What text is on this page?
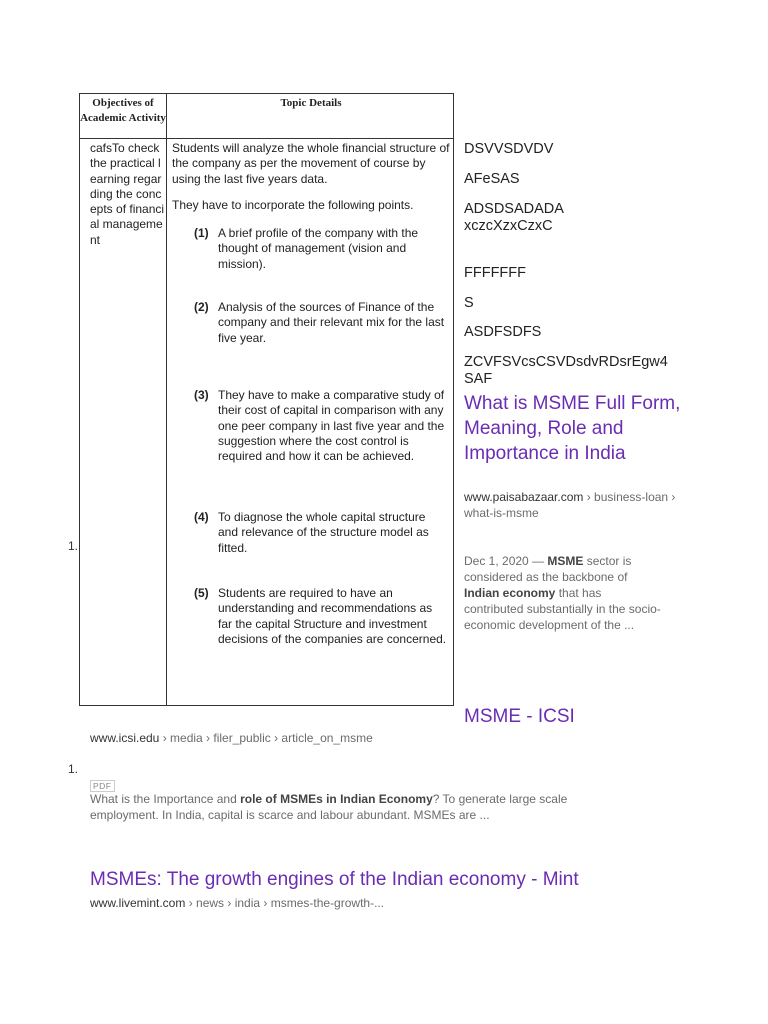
Objectives of Academic Activity
Topic Details
cafsTo check the practical learning regarding the concepts of financial manageme nt
Students will analyze the whole financial structure of the company as per the movement of course by using the last five years data.
They have to incorporate the following points.
(1) A brief profile of the company with the thought of management (vision and mission).
(2) Analysis of the sources of Finance of the company and their relevant mix for the last five year.
(3) They have to make a comparative study of their cost of capital in comparison with any one peer company in last five year and the suggestion where the cost control is required and how it can be achieved.
(4) To diagnose the whole capital structure and relevance of the structure model as fitted.
(5) Students are required to have an understanding and recommendations as far the capital Structure and investment decisions of the companies are concerned.
1.
DSVVSDVDV
AFeSAS
ADSDSADADA
xczcXzxCzxC
FFFFFFF
S
ASDFSDFS
ZCVFSVcsCSVDsdvRDsrEgw4
SAF
What is MSME Full Form, Meaning, Role and Importance in India
www.paisabazaar.com › business-loan › what-is-msme
Dec 1, 2020 — MSME sector is considered as the backbone of Indian economy that has contributed substantially in the socio-economic development of the ...
MSME - ICSI
www.icsi.edu › media › filer_public › article_on_msme
1.
PDF
What is the Importance and role of MSMEs in Indian Economy? To generate large scale employment. In India, capital is scarce and labour abundant. MSMEs are ...
MSMEs: The growth engines of the Indian economy - Mint
www.livemint.com › news › india › msmes-the-growth-...
